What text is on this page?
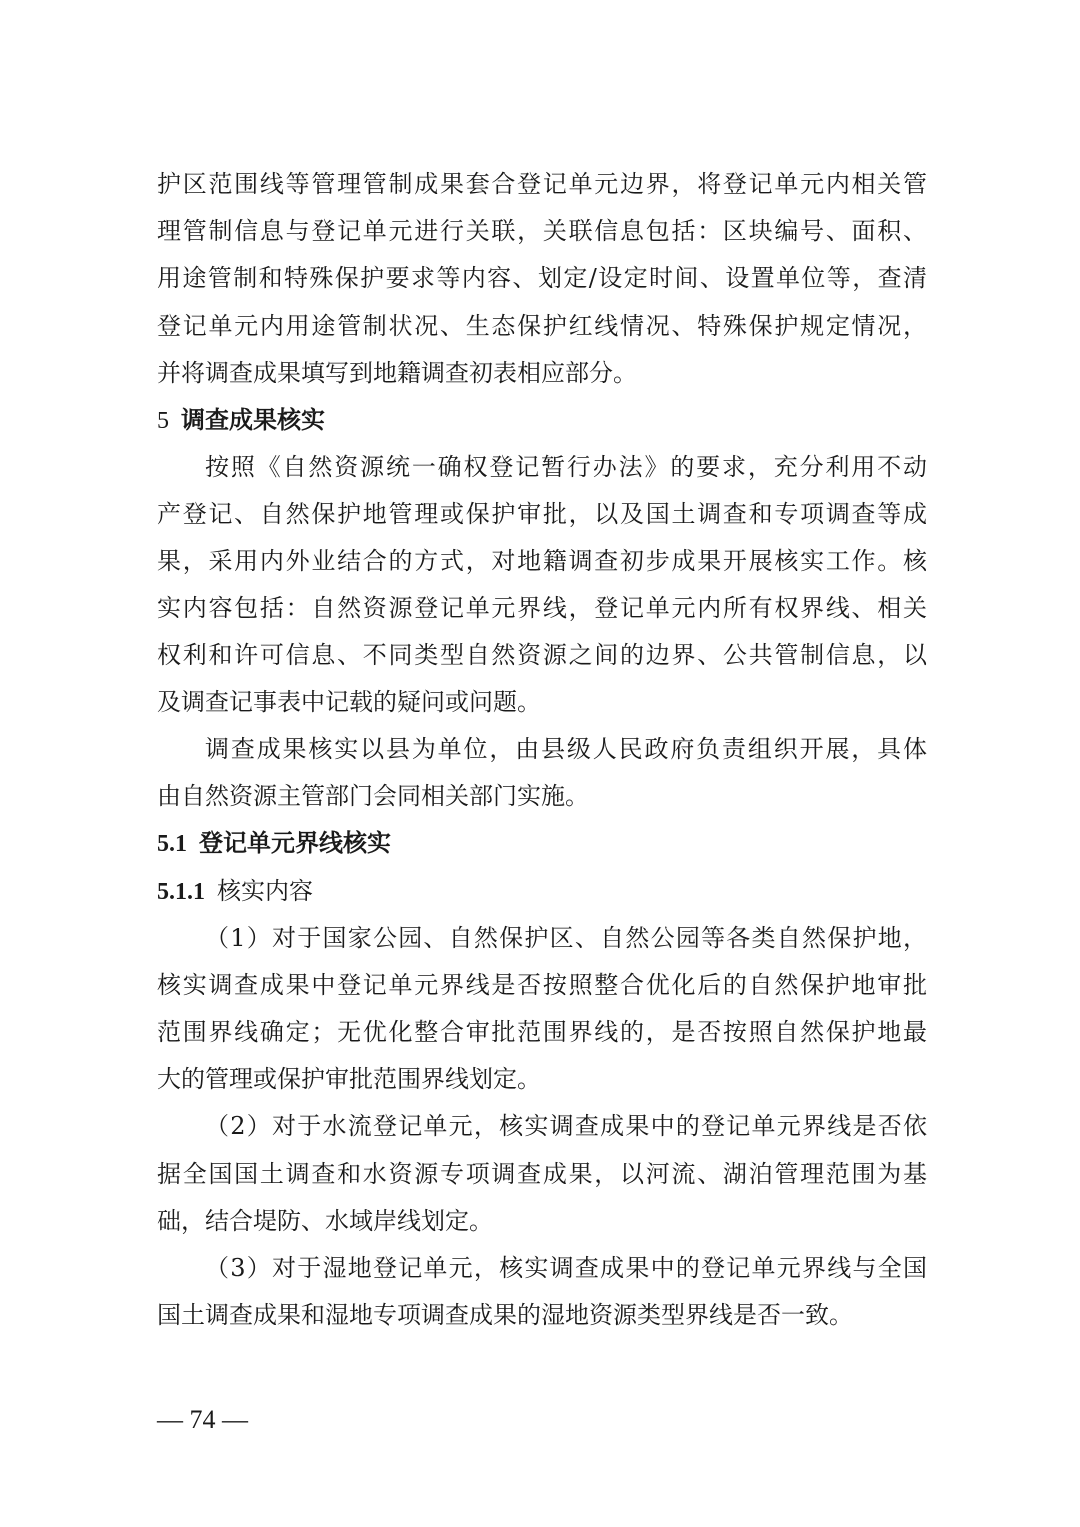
护区范围线等管理管制成果套合登记单元边界，将登记单元内相关管
理管制信息与登记单元进行关联，关联信息包括：区块编号、面积、
用途管制和特殊保护要求等内容、划定/设定时间、设置单位等，查清
登记单元内用途管制状况、生态保护红线情况、特殊保护规定情况，
并将调查成果填写到地籍调查初表相应部分。
5 调查成果核实
按照《自然资源统一确权登记暂行办法》的要求，充分利用不动
产登记、自然保护地管理或保护审批，以及国土调查和专项调查等成
果，采用内外业结合的方式，对地籍调查初步成果开展核实工作。核
实内容包括：自然资源登记单元界线，登记单元内所有权界线、相关
权利和许可信息、不同类型自然资源之间的边界、公共管制信息，以
及调查记事表中记载的疑问或问题。
调查成果核实以县为单位，由县级人民政府负责组织开展，具体
由自然资源主管部门会同相关部门实施。
5.1 登记单元界线核实
5.1.1 核实内容
（1）对于国家公园、自然保护区、自然公园等各类自然保护地，
核实调查成果中登记单元界线是否按照整合优化后的自然保护地审批
范围界线确定；无优化整合审批范围界线的，是否按照自然保护地最
大的管理或保护审批范围界线划定。
（2）对于水流登记单元，核实调查成果中的登记单元界线是否依
据全国国土调查和水资源专项调查成果，以河流、湖泊管理范围为基
础，结合堤防、水域岸线划定。
（3）对于湿地登记单元，核实调查成果中的登记单元界线与全国
国土调查成果和湿地专项调查成果的湿地资源类型界线是否一致。
— 74 —
